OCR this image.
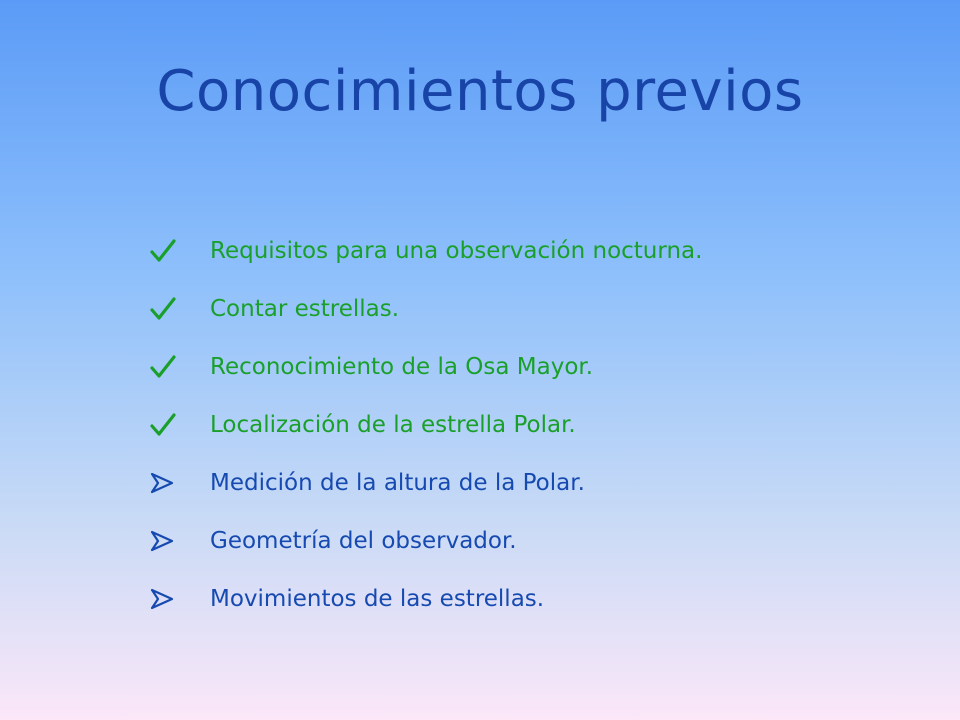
Conocimientos previos
Requisitos para una observación nocturna.
Contar estrellas.
Reconocimiento de la Osa Mayor.
Localización de la estrella Polar.
Medición de la altura de la Polar.
Geometría del observador.
Movimientos de las estrellas.
